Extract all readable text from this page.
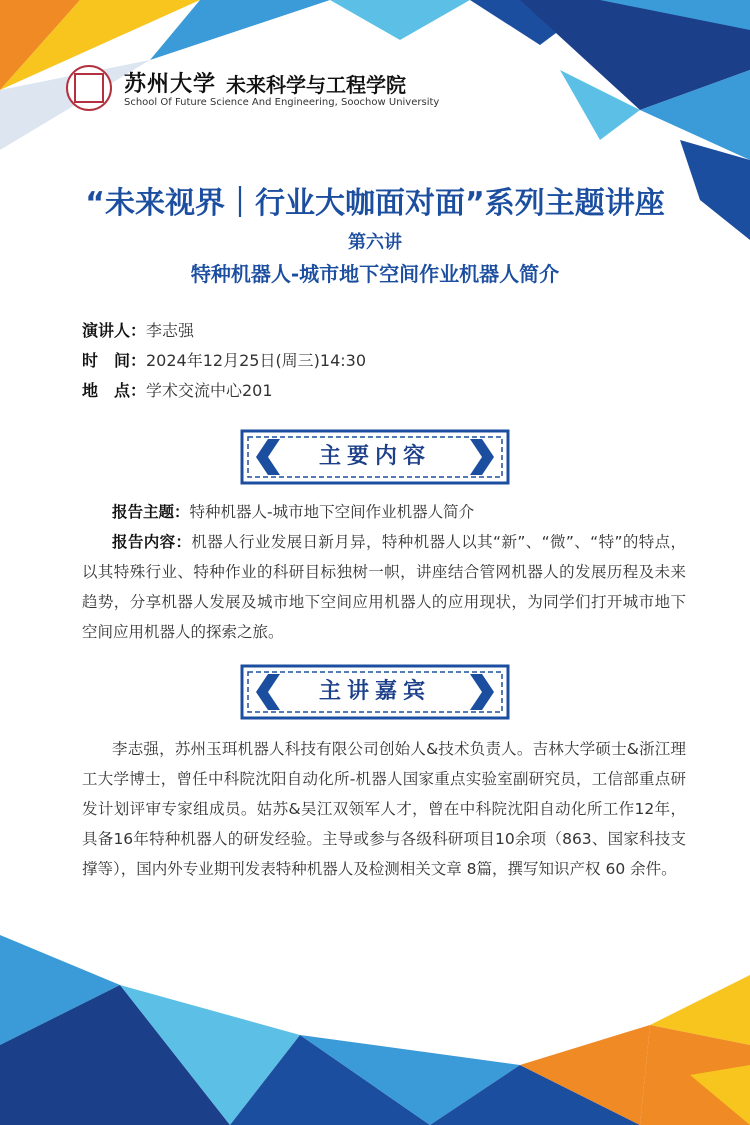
苏州大学 未来科学与工程学院
School Of Future Science And Engineering, Soochow University
“未来视界｜行业大咖面对面”系列主题讲座
第六讲
特种机器人-城市地下空间作业机器人简介
演讲人：李志强
时　间：2024年12月25日(周三)14:30
地　点：学术交流中心201
主要内容
报告主题：特种机器人-城市地下空间作业机器人简介
报告内容：机器人行业发展日新月异，特种机器人以其“新”、“微”、“特”的特点，以其特殊行业、特种作业的科研目标独树一帜，讲座结合管网机器人的发展历程及未来趋势，分享机器人发展及城市地下空间应用机器人的应用现状，为同学们打开城市地下空间应用机器人的探索之旅。
主讲嘉宾
李志强，苏州玉珥机器人科技有限公司创始人&技术负责人。吉林大学硕士&浙江理工大学博士，曾任中科院沈阳自动化所-机器人国家重点实验室副研究员，工信部重点研发计划评审专家组成员。姑苏&吴江双领军人才，曾在中科院沈阳自动化所工作12年，具备16年特种机器人的研发经验。主导或参与各级科研项目10余项（863、国家科技支撑等），国内外专业期刊发表特种机器人及检测相关文章 8篇，撰写知识产权 60 余件。
